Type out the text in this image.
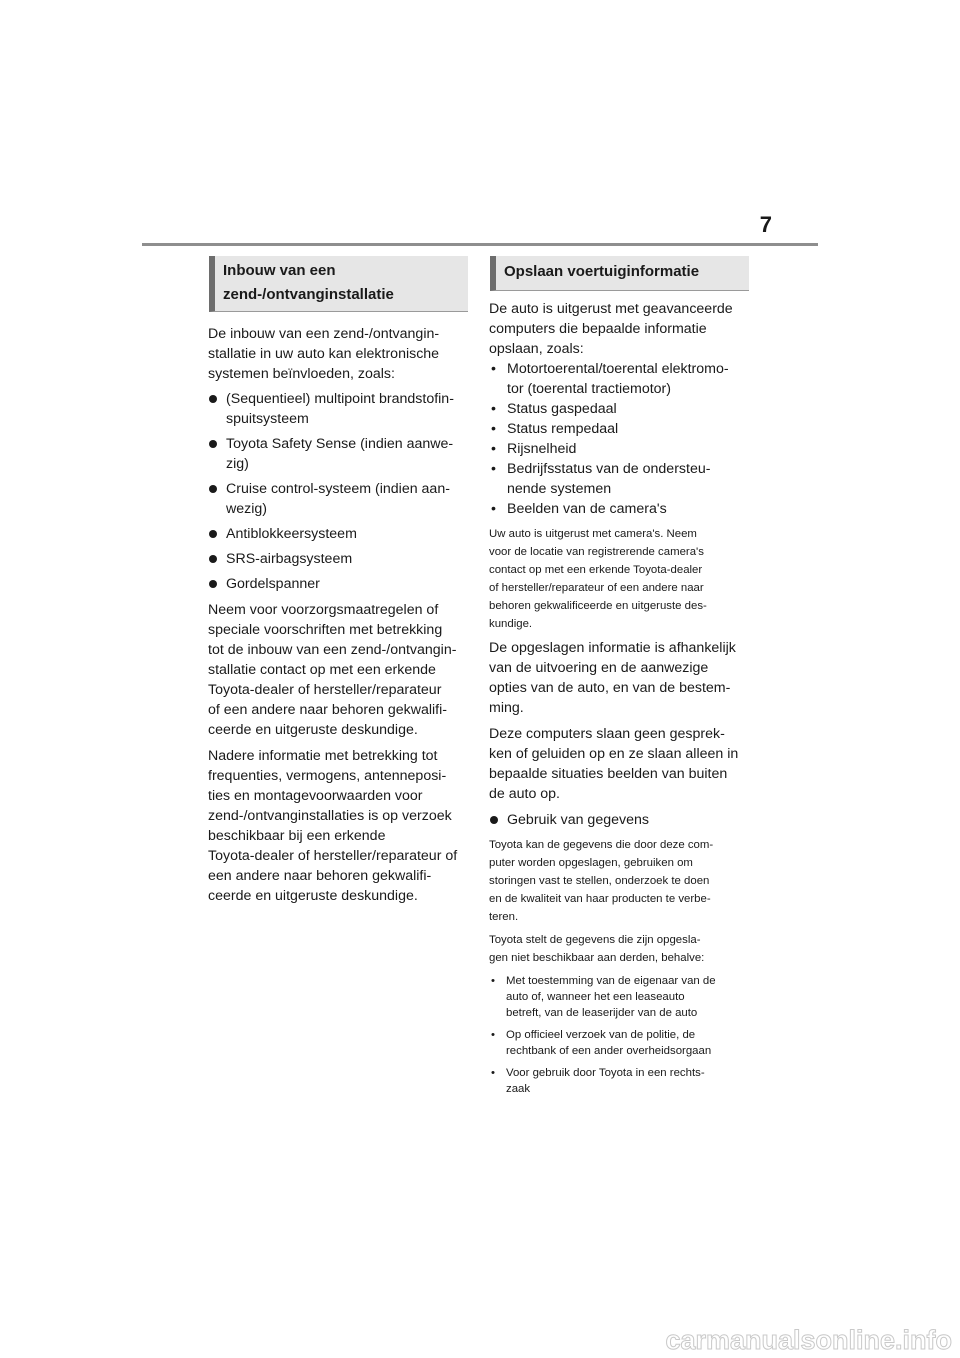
7
Inbouw van een
zend-/ontvanginstallatie

De inbouw van een zend-/ontvangin-
stallatie in uw auto kan elektronische
systemen beïnvloeden, zoals:

(Sequentieel) multipoint brandstofin-
spuitsysteem
Toyota Safety Sense (indien aanwe-
zig)
Cruise control-systeem (indien aan-
wezig)
Antiblokkeersysteem
SRS-airbagsysteem
Gordelspanner

Neem voor voorzorgsmaatregelen of
speciale voorschriften met betrekking
tot de inbouw van een zend-/ontvangin-
stallatie contact op met een erkende
Toyota-dealer of hersteller/reparateur
of een andere naar behoren gekwalifi-
ceerde en uitgeruste deskundige.

Nadere informatie met betrekking tot
frequenties, vermogens, antenneposi-
ties en montagevoorwaarden voor
zend-/ontvanginstallaties is op verzoek
beschikbaar bij een erkende
Toyota-dealer of hersteller/reparateur of
een andere naar behoren gekwalifi-
ceerde en uitgeruste deskundige.

Opslaan voertuiginformatie

De auto is uitgerust met geavanceerde
computers die bepaalde informatie
opslaan, zoals:

• Motortoerental/toerental elektromo-
tor (toerental tractiemotor)
• Status gaspedaal
• Status rempedaal
• Rijsnelheid
• Bedrijfsstatus van de ondersteu-
nende systemen
• Beelden van de camera's

Uw auto is uitgerust met camera's. Neem
voor de locatie van registrerende camera's
contact op met een erkende Toyota-dealer
of hersteller/reparateur of een andere naar
behoren gekwalificeerde en uitgeruste des-
kundige.

De opgeslagen informatie is afhankelijk
van de uitvoering en de aanwezige
opties van de auto, en van de bestem-
ming.

Deze computers slaan geen gesprek-
ken of geluiden op en ze slaan alleen in
bepaalde situaties beelden van buiten
de auto op.

Gebruik van gegevens

Toyota kan de gegevens die door deze com-
puter worden opgeslagen, gebruiken om
storingen vast te stellen, onderzoek te doen
en de kwaliteit van haar producten te verbe-
teren.

Toyota stelt de gegevens die zijn opgesla-
gen niet beschikbaar aan derden, behalve:

• Met toestemming van de eigenaar van de
auto of, wanneer het een leaseauto
betreft, van de leaserijder van de auto
• Op officieel verzoek van de politie, de
rechtbank of een ander overheidsorgaan
• Voor gebruik door Toyota in een rechts-
zaak
carmanualsonline.info
